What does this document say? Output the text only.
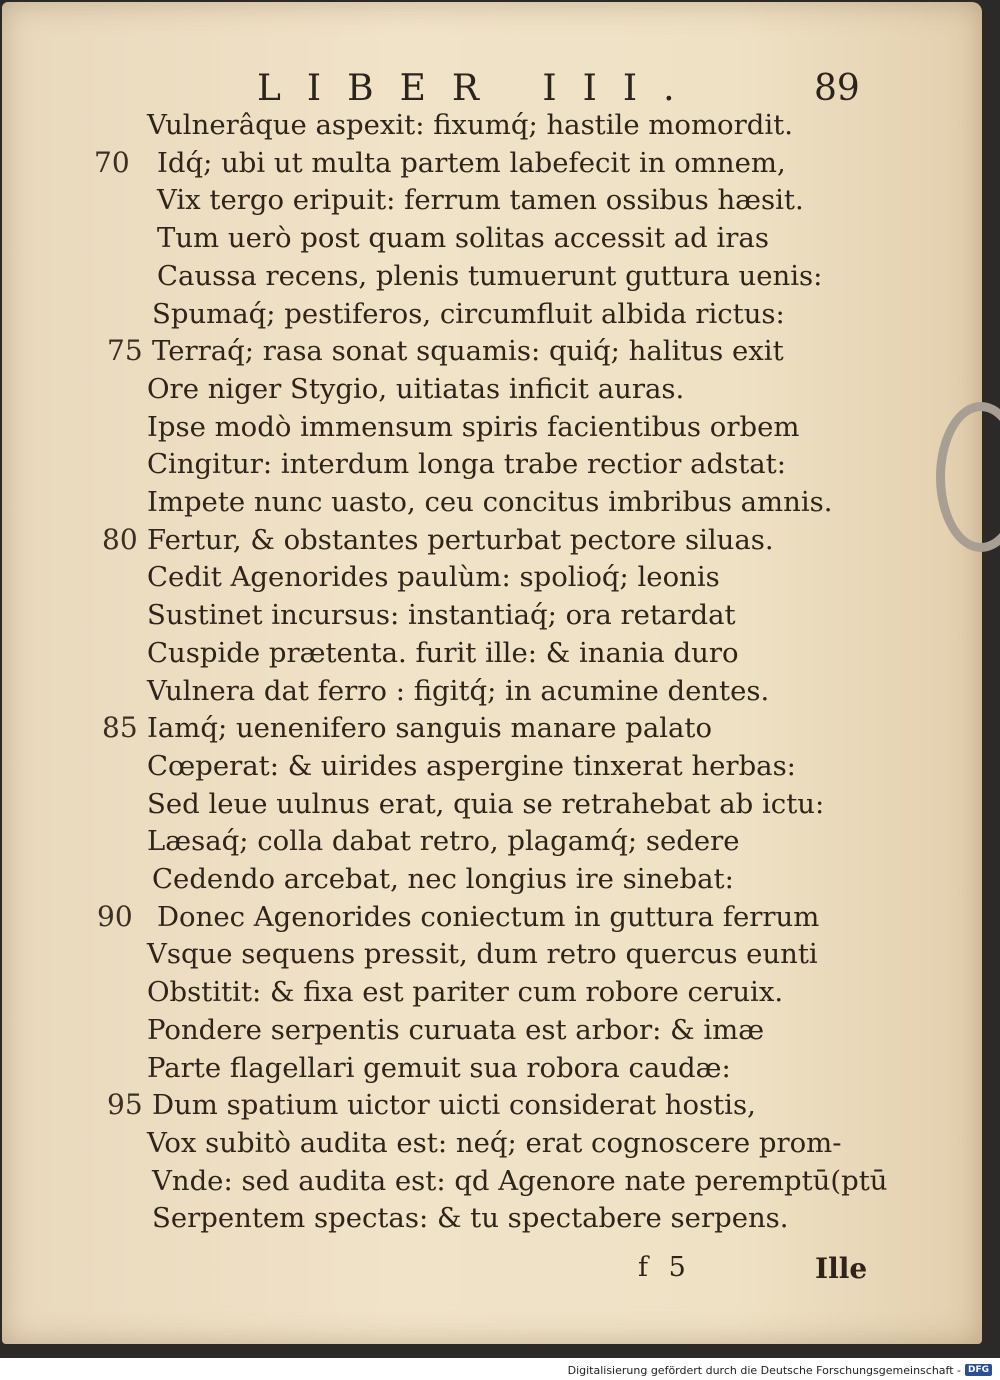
LIBER III.	89
Vulnerâque aspexit: fixumq́; hastile momordit.
Idq́; ubi ut multa partem labefecit in omnem,
70
Vix tergo eripuit: ferrum tamen ossibus hæsit.
Tum uerò post quam solitas accessit ad iras
Caussa recens, plenis tumuerunt guttura uenis:
Spumaq́; pestiferos, circumfluit albida rictus:
Terraq́; rasa sonat squamis: quiq́; halitus exit
75
Ore niger Stygio, uitiatas inficit auras.
Ipse modò immensum spiris facientibus orbem
Cingitur: interdum longa trabe rectior adstat:
Impete nunc uasto, ceu concitus imbribus amnis.
Fertur, & obstantes perturbat pectore siluas.
80
Cedit Agenorides paulùm: spolioq́; leonis
Sustinet incursus: instantiaq́; ora retardat
Cuspide prætenta. furit ille: & inania duro
Vulnera dat ferro : figitq́; in acumine dentes.
Iamq́; uenenifero sanguis manare palato
85
Cœperat: & uirides aspergine tinxerat herbas:
Sed leue uulnus erat, quia se retrahebat ab ictu:
Læsaq́; colla dabat retro, plagamq́; sedere
Cedendo arcebat, nec longius ire sinebat:
Donec Agenorides coniectum in guttura ferrum
90
Vsque sequens pressit, dum retro quercus eunti
Obstitit: & fixa est pariter cum robore ceruix.
Pondere serpentis curuata est arbor: & imæ
Parte flagellari gemuit sua robora caudæ:
Dum spatium uictor uicti considerat hostis,
95
Vox subitò audita est: neq́; erat cognoscere prom-
Vnde: sed audita est: qd Agenore nate peremptū(ptū
Serpentem spectas: & tu spectabere serpens.
f 5	Ille
Digitalisierung gefördert durch die Deutsche Forschungsgemeinschaft - DFG
